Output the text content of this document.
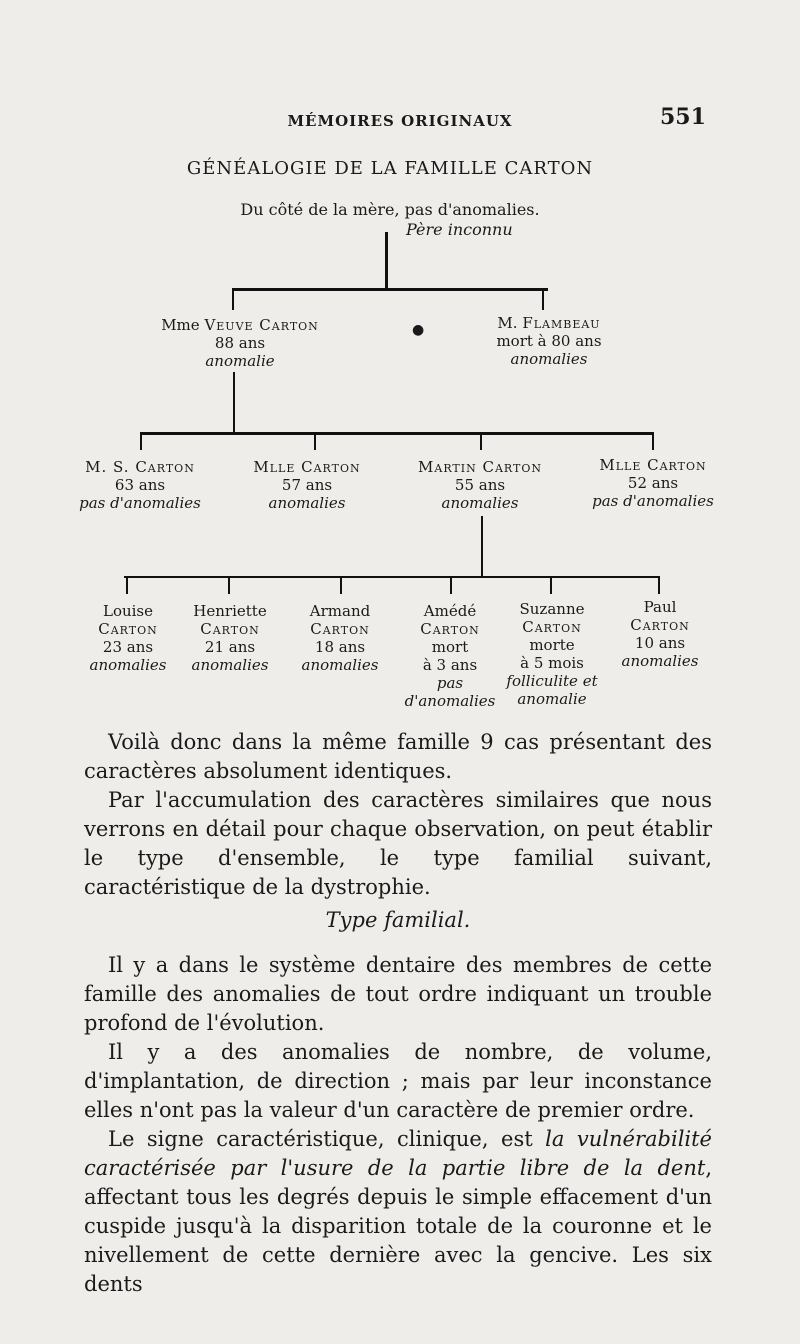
MÉMOIRES ORIGINAUX	551
GÉNÉALOGIE DE LA FAMILLE CARTON
Du côté de la mère, pas d'anomalies.
Père inconnu
Mme Veuve Carton
88 ans
anomalie
●	M. Flambeau
mort à 80 ans
anomalies
M. S. Carton
63 ans
pas d'anomalies
Mlle Carton
57 ans
anomalies
Martin Carton
55 ans
anomalies
Mlle Carton
52 ans
pas d'anomalies
Louise
Carton
23 ans
anomalies
Henriette
Carton
21 ans
anomalies
Armand
Carton
18 ans
anomalies
Amédé
Carton
mort
à 3 ans
pas d'anomalies
Suzanne
Carton
morte
à 5 mois
folliculite et anomalie
Paul
Carton
10 ans
anomalies

Voilà donc dans la même famille 9 cas présentant des caractères absolument identiques.

Par l'accumulation des caractères similaires que nous verrons en détail pour chaque observation, on peut établir le type d'ensemble, le type familial suivant, caractéristique de la dystrophie.

Type familial.

Il y a dans le système dentaire des membres de cette famille des anomalies de tout ordre indiquant un trouble profond de l'évolution.

Il y a des anomalies de nombre, de volume, d'implantation, de direction ; mais par leur inconstance elles n'ont pas la valeur d'un caractère de premier ordre.

Le signe caractéristique, clinique, est la vulnérabilité caractérisée par l'usure de la partie libre de la dent, affectant tous les degrés depuis le simple effacement d'un cuspide jusqu'à la disparition totale de la couronne et le nivellement de cette dernière avec la gencive. Les six dents
